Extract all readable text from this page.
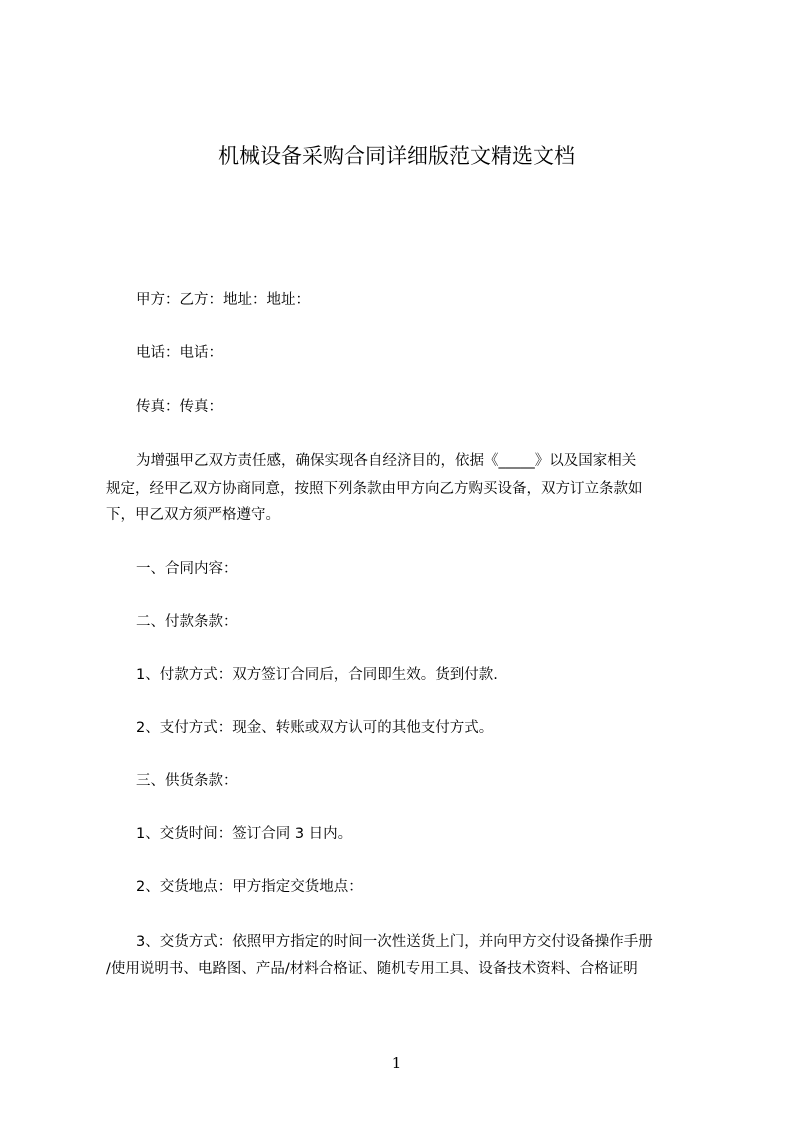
机械设备采购合同详细版范文精选文档
甲方：乙方：地址：地址：
电话：电话：
传真：传真：
为增强甲乙双方责任感，确保实现各自经济目的，依据《_____》以及国家相关
规定，经甲乙双方协商同意，按照下列条款由甲方向乙方购买设备，双方订立条款如
下，甲乙双方须严格遵守。
一、合同内容：
二、付款条款：
1、付款方式：双方签订合同后，合同即生效。货到付款.
2、支付方式：现金、转账或双方认可的其他支付方式。
三、供货条款：
1、交货时间：签订合同 3 日内。
2、交货地点：甲方指定交货地点：
3、交货方式：依照甲方指定的时间一次性送货上门，并向甲方交付设备操作手册
/使用说明书、电路图、产品/材料合格证、随机专用工具、设备技术资料、合格证明
1
